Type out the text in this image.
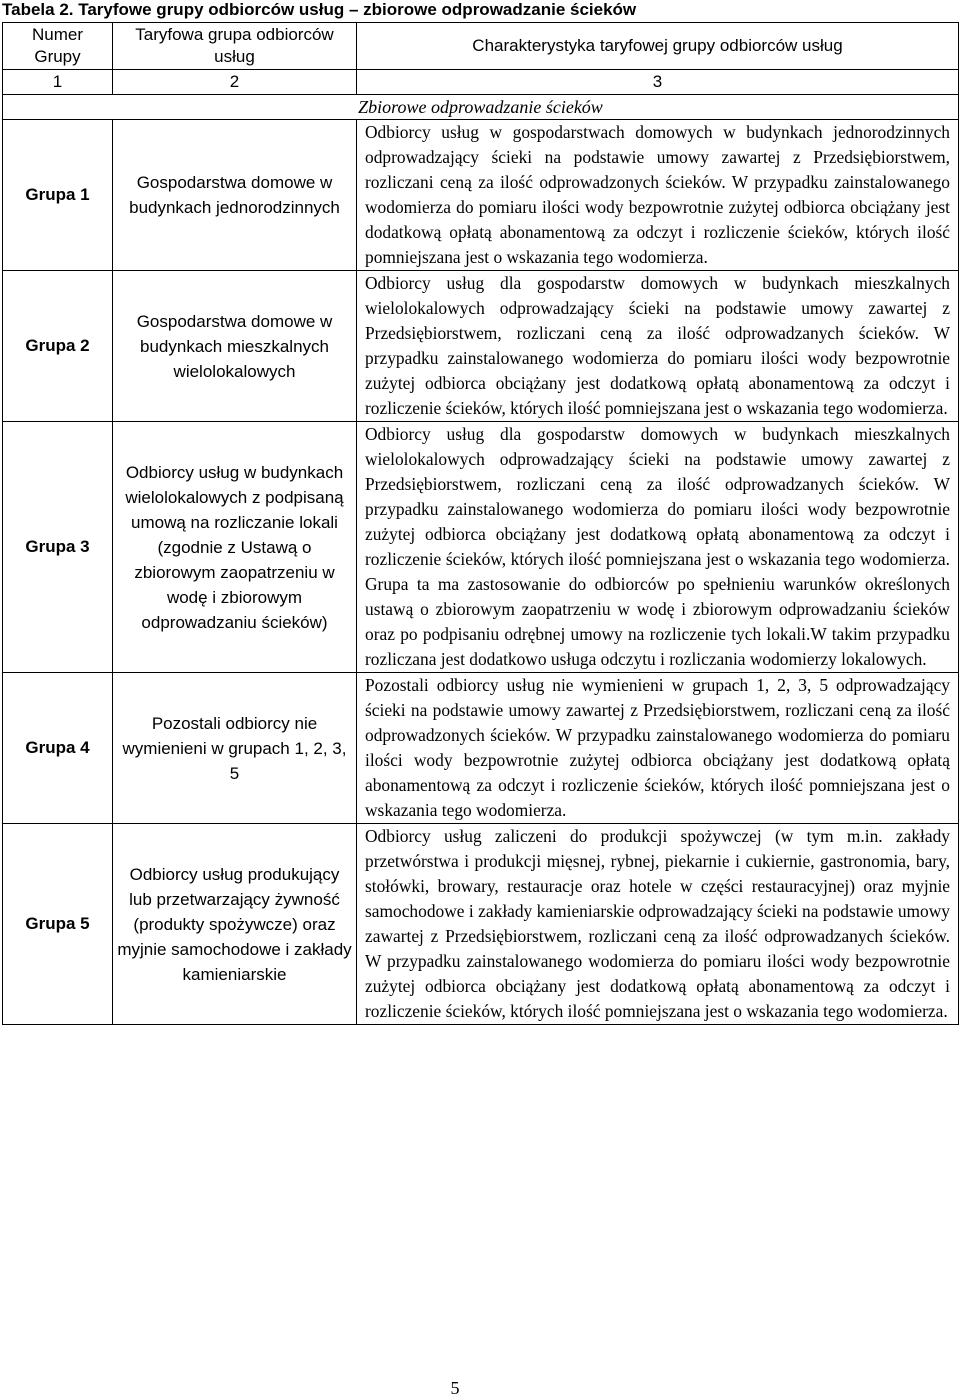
Tabela 2. Taryfowe grupy odbiorców usług – zbiorowe odprowadzanie ścieków
Numer Grupy	Taryfowa grupa odbiorców usług	Charakterystyka taryfowej grupy odbiorców usług
1	2	3
Zbiorowe odprowadzanie ścieków		
Grupa 1	Gospodarstwa domowe w budynkach jednorodzinnych	Odbiorcy usług w gospodarstwach domowych w budynkach jednorodzinnych odprowadzający ścieki na podstawie umowy zawartej z Przedsiębiorstwem, rozliczani ceną za ilość odprowadzonych ścieków. W przypadku zainstalowanego wodomierza do pomiaru ilości wody bezpowrotnie zużytej odbiorca obciążany jest dodatkową opłatą abonamentową za odczyt i rozliczenie ścieków, których ilość pomniejszana jest o wskazania tego wodomierza.
Grupa 2	Gospodarstwa domowe w budynkach mieszkalnych wielolokalowych	Odbiorcy usług dla gospodarstw domowych w budynkach mieszkalnych wielolokalowych odprowadzający ścieki na podstawie umowy zawartej z Przedsiębiorstwem, rozliczani ceną za ilość odprowadzanych ścieków. W przypadku zainstalowanego wodomierza do pomiaru ilości wody bezpowrotnie zużytej odbiorca obciążany jest dodatkową opłatą abonamentową za odczyt i rozliczenie ścieków, których ilość pomniejszana jest o wskazania tego wodomierza.
Grupa 3	Odbiorcy usług w budynkach wielolokalowych z podpisaną umową na rozliczanie lokali (zgodnie z Ustawą o zbiorowym zaopatrzeniu w wodę i zbiorowym odprowadzaniu ścieków)	Odbiorcy usług dla gospodarstw domowych w budynkach mieszkalnych wielolokalowych odprowadzający ścieki na podstawie umowy zawartej z Przedsiębiorstwem, rozliczani ceną za ilość odprowadzanych ścieków. W przypadku zainstalowanego wodomierza do pomiaru ilości wody bezpowrotnie zużytej odbiorca obciążany jest dodatkową opłatą abonamentową za odczyt i rozliczenie ścieków, których ilość pomniejszana jest o wskazania tego wodomierza. Grupa ta ma zastosowanie do odbiorców po spełnieniu warunków określonych ustawą o zbiorowym zaopatrzeniu w wodę i zbiorowym odprowadzaniu ścieków oraz po podpisaniu odrębnej umowy na rozliczenie tych lokali.W takim przypadku rozliczana jest dodatkowo usługa odczytu i rozliczania wodomierzy lokalowych.
Grupa 4	Pozostali odbiorcy nie wymienieni w grupach 1, 2, 3, 5	Pozostali odbiorcy usług nie wymienieni w grupach 1, 2, 3, 5 odprowadzający ścieki na podstawie umowy zawartej z Przedsiębiorstwem, rozliczani ceną za ilość odprowadzonych ścieków. W przypadku zainstalowanego wodomierza do pomiaru ilości wody bezpowrotnie zużytej odbiorca obciążany jest dodatkową opłatą abonamentową za odczyt i rozliczenie ścieków, których ilość pomniejszana jest o wskazania tego wodomierza.
Grupa 5	Odbiorcy usług produkujący lub przetwarzający żywność (produkty spożywcze) oraz myjnie samochodowe i zakłady kamieniarskie	Odbiorcy usług zaliczeni do produkcji spożywczej (w tym m.in. zakłady przetwórstwa i produkcji mięsnej, rybnej, piekarnie i cukiernie, gastronomia, bary, stołówki, browary, restauracje oraz hotele w części restauracyjnej) oraz myjnie samochodowe i zakłady kamieniarskie odprowadzający ścieki na podstawie umowy zawartej z Przedsiębiorstwem, rozliczani ceną za ilość odprowadzanych ścieków. W przypadku zainstalowanego wodomierza do pomiaru ilości wody bezpowrotnie zużytej odbiorca obciążany jest dodatkową opłatą abonamentową za odczyt i rozliczenie ścieków, których ilość pomniejszana jest o wskazania tego wodomierza.
5
